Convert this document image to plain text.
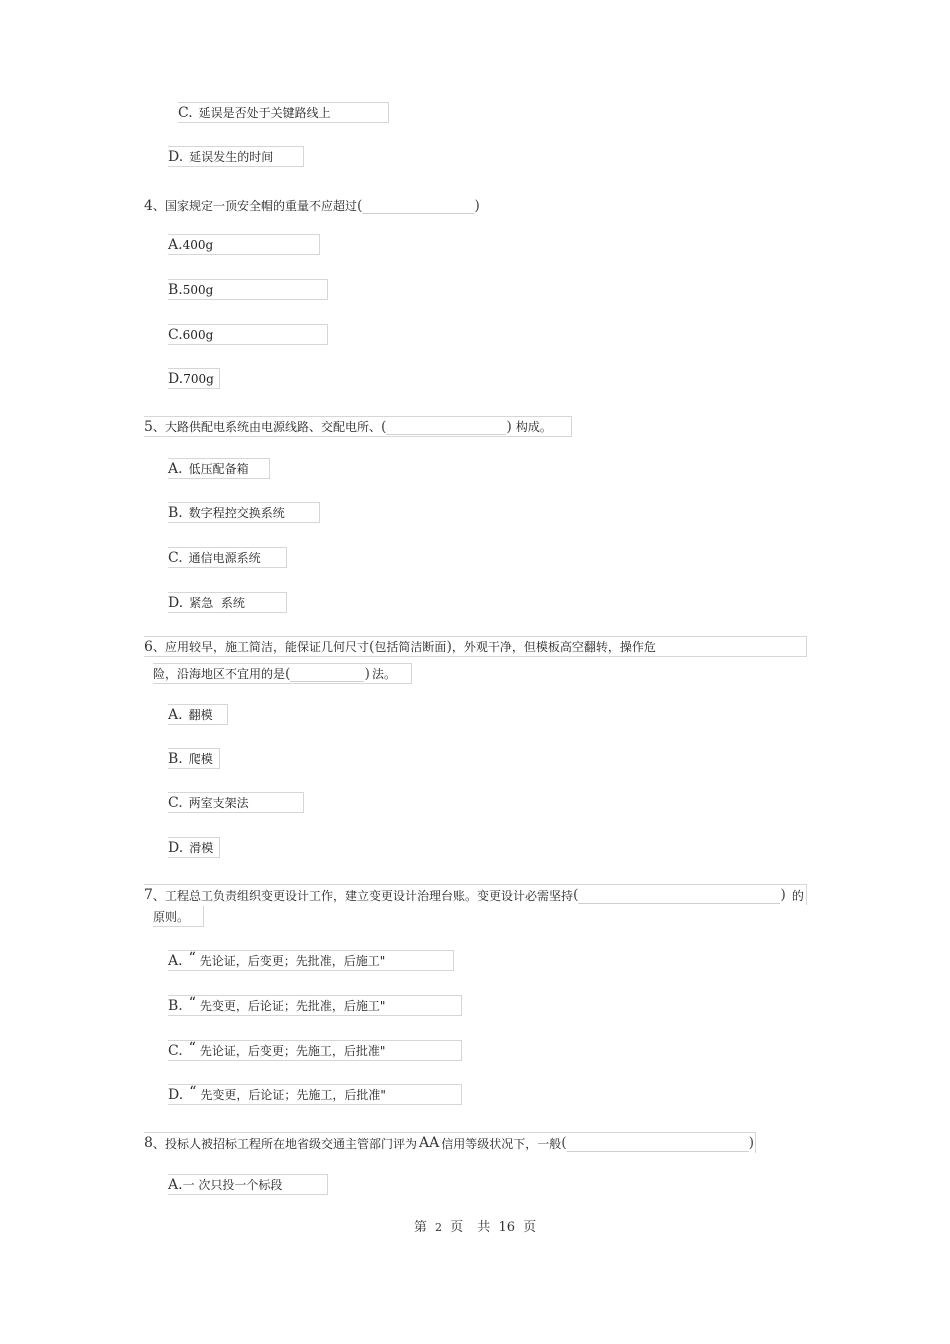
C. 延误是否处于关键路线上
D. 延误发生的时间
4 、 国家规定一顶安全帽的重量不应超过 (	)
A. 400g
B. 500g
C. 600g
D. 700g
5 、 大路供配电系统由电源线路、交配电所、 (	) 构成。
A. 低压配备箱
B. 数字程控交换系统
C. 通信电源系统
D. 紧急  系统
6 、 应用较早，施工简洁，能保证几何尺寸 ( 包括简洁断面 ) ，外观干净，但模板高空翻转，操作危
险，沿海地区不宜用的是 (	) 法。
A. 翻模
B. 爬模
C. 两室支架法
D. 滑模
7 、 工程总工负责组织变更设计工作，建立变更设计治理台账。变更设计必需坚持 (	) 的
原则。
A. “ 先论证，后变更；先批准，后施工"
B. “ 先变更，后论证；先批准，后施工"
C. “ 先论证，后变更；先施工，后批准"
D. “ 先变更，后论证；先施工，后批准"
8 、 投标人被招标工程所在地省级交通主管部门评为 AA 信用等级状况下，一般 (	)
A. 一 次只投一个标段
第 2 页 共 16 页
